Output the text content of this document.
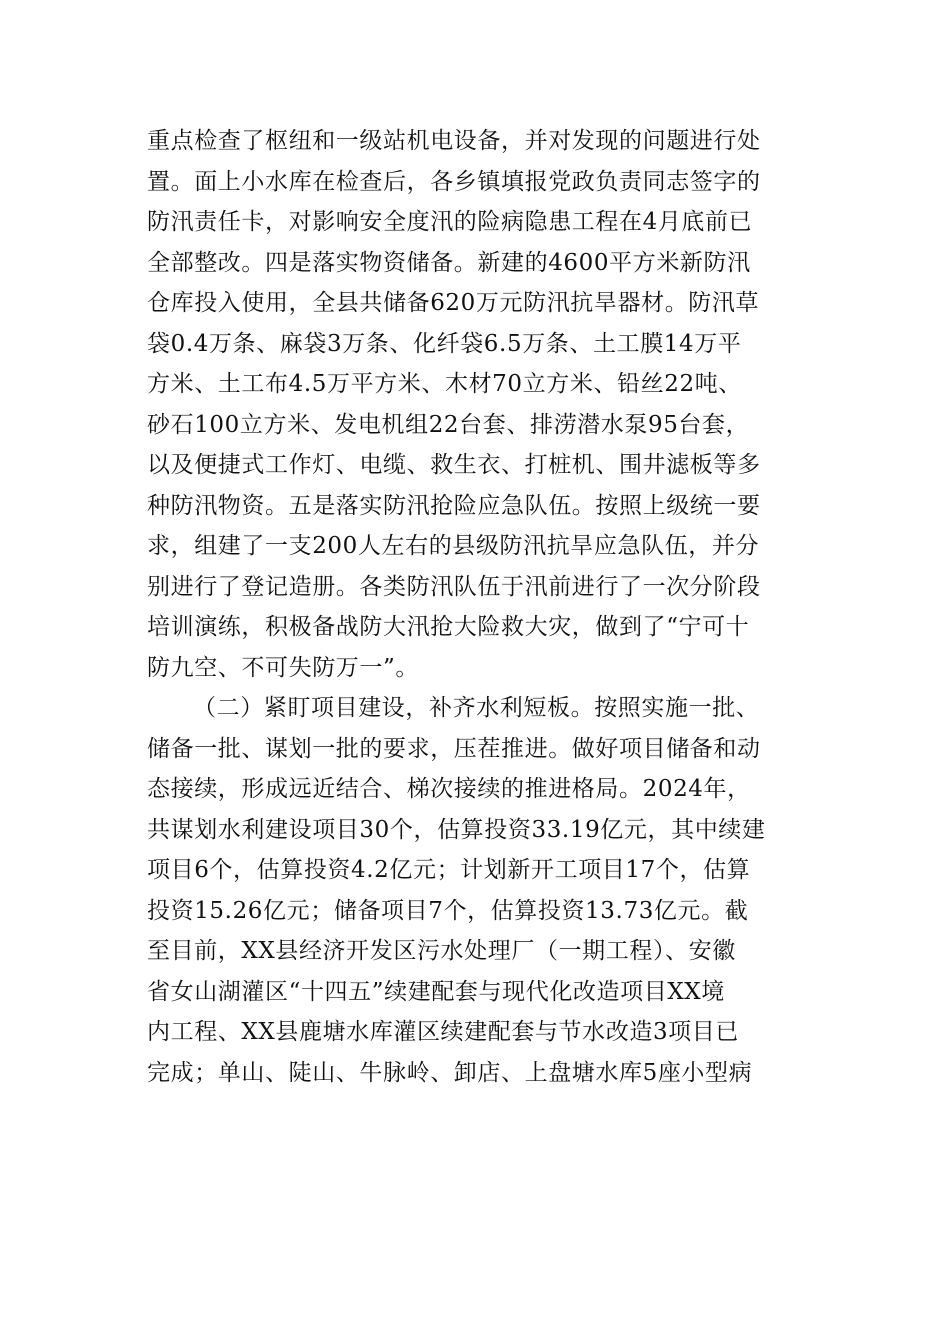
重点检查了枢纽和一级站机电设备，并对发现的问题进行处
置。面上小水库在检查后，各乡镇填报党政负责同志签字的
防汛责任卡，对影响安全度汛的险病隐患工程在4月底前已
全部整改。四是落实物资储备。新建的4600平方米新防汛
仓库投入使用，全县共储备620万元防汛抗旱器材。防汛草
袋0.4万条、麻袋3万条、化纤袋6.5万条、土工膜14万平
方米、土工布4.5万平方米、木材70立方米、铅丝22吨、
砂石100立方米、发电机组22台套、排涝潜水泵95台套，
以及便捷式工作灯、电缆、救生衣、打桩机、围井滤板等多
种防汛物资。五是落实防汛抢险应急队伍。按照上级统一要
求，组建了一支200人左右的县级防汛抗旱应急队伍，并分
别进行了登记造册。各类防汛队伍于汛前进行了一次分阶段
培训演练，积极备战防大汛抢大险救大灾，做到了“宁可十
防九空、不可失防万一”。
（二）紧盯项目建设，补齐水利短板。按照实施一批、
储备一批、谋划一批的要求，压茬推进。做好项目储备和动
态接续，形成远近结合、梯次接续的推进格局。2024年，
共谋划水利建设项目30个，估算投资33.19亿元，其中续建
项目6个，估算投资4.2亿元；计划新开工项目17个，估算
投资15.26亿元；储备项目7个，估算投资13.73亿元。截
至目前，XX县经济开发区污水处理厂（一期工程）、安徽
省女山湖灌区“十四五”续建配套与现代化改造项目XX境
内工程、XX县鹿塘水库灌区续建配套与节水改造3项目已
完成；单山、陡山、牛脉岭、卸店、上盘塘水库5座小型病
